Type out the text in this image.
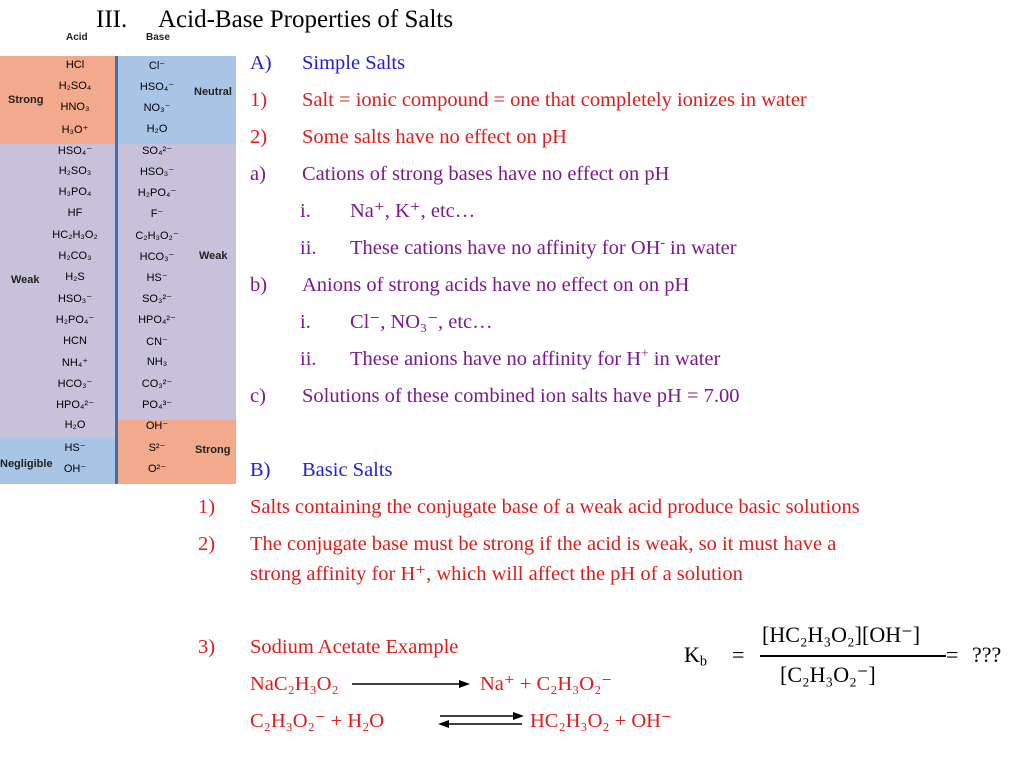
III. Acid-Base Properties of Salts
Acid	Base
Strong
Weak
Negligible
Neutral
Weak
Strong
HCl	Cl⁻
H₂SO₄	HSO₄⁻
HNO₃	NO₃⁻
H₃O⁺	H₂O
HSO₄⁻	SO₄²⁻
H₂SO₃	HSO₃⁻
H₃PO₄	H₂PO₄⁻
HF	F⁻
HC₂H₃O₂	C₂H₃O₂⁻
H₂CO₃	HCO₃⁻
H₂S	HS⁻
HSO₃⁻	SO₃²⁻
H₂PO₄⁻	HPO₄²⁻
HCN	CN⁻
NH₄⁺	NH₃
HCO₃⁻	CO₃²⁻
HPO₄²⁻	PO₄³⁻
H₂O	OH⁻
HS⁻	S²⁻
OH⁻	O²⁻
A) Simple Salts
1) Salt = ionic compound = one that completely ionizes in water
2) Some salts have no effect on pH
a) Cations of strong bases have no effect on pH
i. Na⁺, K⁺, etc…
ii. These cations have no affinity for OH- in water
b) Anions of strong acids have no effect on on pH
i. Cl⁻, NO₃⁻, etc…
ii. These anions have no affinity for H+ in water
c) Solutions of these combined ion salts have pH = 7.00
B) Basic Salts
1) Salts containing the conjugate base of a weak acid produce basic solutions
2) The conjugate base must be strong if the acid is weak, so it must have a
strong affinity for H⁺, which will affect the pH of a solution
3) Sodium Acetate Example
NaC₂H₃O₂	Na⁺ + C₂H₃O₂⁻
C₂H₃O₂⁻ + H₂O	HC₂H₃O₂ + OH⁻
$K_b$ =
[HC₂H₃O₂][OH⁻]
[C₂H₃O₂⁻]
= ???
